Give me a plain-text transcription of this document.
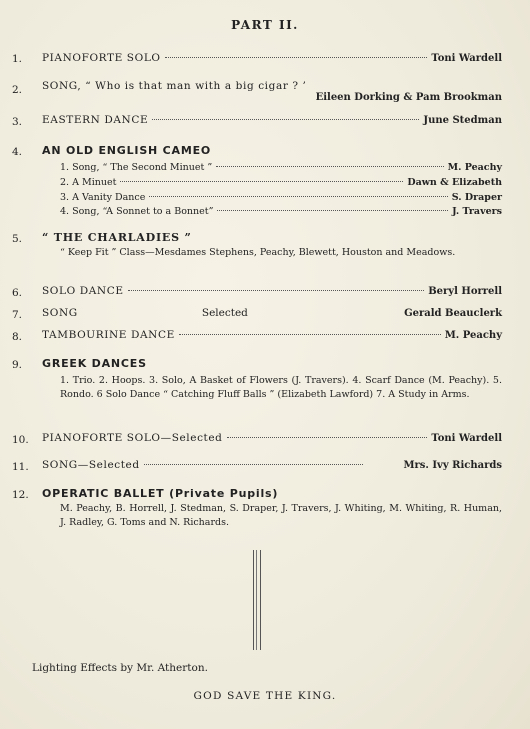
PART II.
1.	PIANOFORTE SOLO	Toni Wardell
2.	SONG, “ Who is that man with a big cigar ? ’
Eileen Dorking & Pam Brookman
3.	EASTERN DANCE	June Stedman
4.	AN OLD ENGLISH CAMEO
1. Song, “ The Second Minuet ”	M. Peachy
2. A Minuet	Dawn & Elizabeth
3. A Vanity Dance	S. Draper
4. Song, “A Sonnet to a Bonnet”	J. Travers
5.	“ THE CHARLADIES ”
“ Keep Fit ” Class—Mesdames Stephens, Peachy, Blewett, Houston and Meadows.
6.	SOLO DANCE	Beryl Horrell
7.	SONG	Selected	Gerald Beauclerk
8.	TAMBOURINE DANCE	M. Peachy
9.	GREEK DANCES
1. Trio. 2. Hoops. 3. Solo, A Basket of Flowers (J. Travers). 4. Scarf Dance (M. Peachy). 5. Rondo. 6 Solo Dance “ Catching Fluff Balls ” (Elizabeth Lawford) 7. A Study in Arms.
10.	PIANOFORTE SOLO—Selected	Toni Wardell
11.	SONG—Selected	Mrs. Ivy Richards
12.	OPERATIC BALLET (Private Pupils)
M. Peachy, B. Horrell, J. Stedman, S. Draper, J. Travers, J. Whiting, M. Whiting, R. Human, J. Radley, G. Toms and N. Richards.
Lighting Effects by Mr. Atherton.
GOD SAVE THE KING.
